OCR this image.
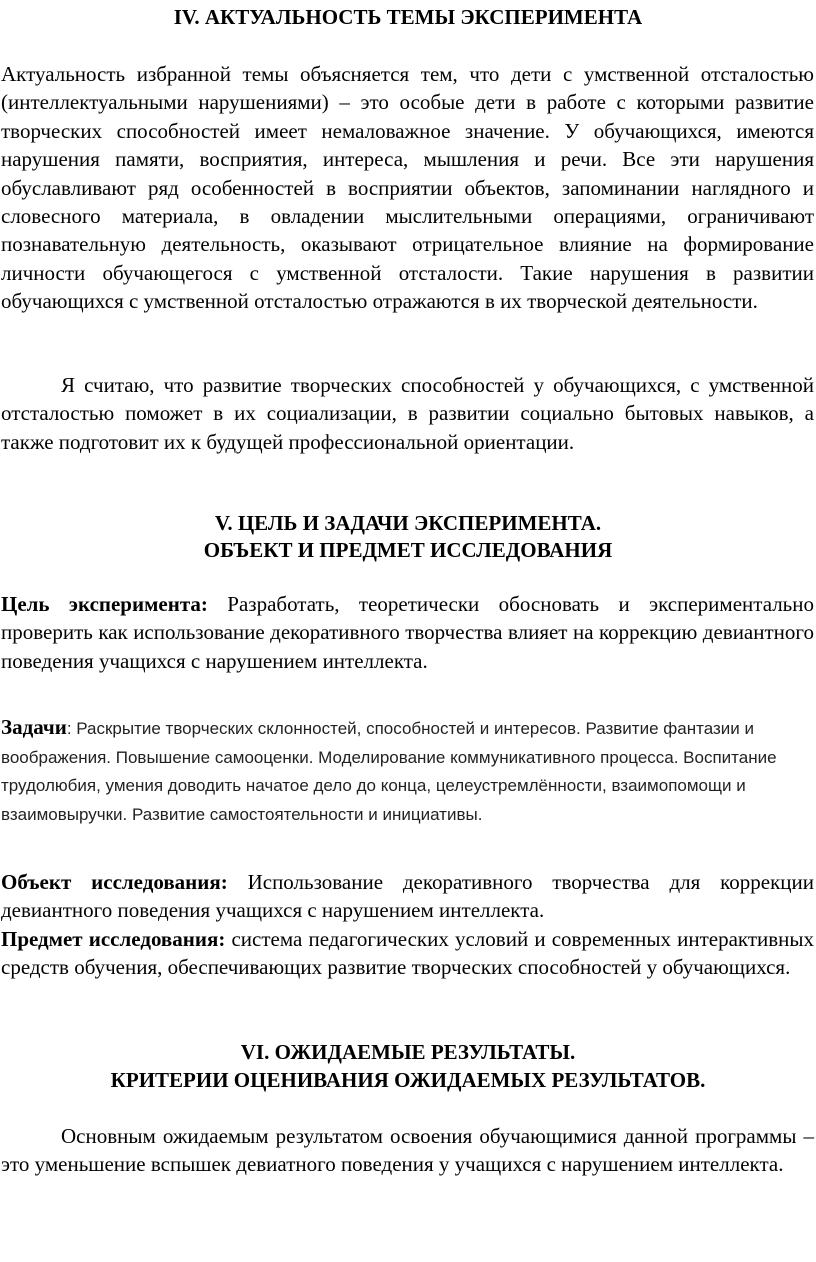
IV. АКТУАЛЬНОСТЬ ТЕМЫ ЭКСПЕРИМЕНТА

Актуальность избранной темы объясняется тем, что дети с умственной отсталостью (интеллектуальными нарушениями) – это особые дети в работе с которыми развитие творческих способностей имеет немаловажное значение. У обучающихся, имеются нарушения памяти, восприятия, интереса, мышления и речи. Все эти нарушения обуславливают ряд особенностей в восприятии объектов, запоминании наглядного и словесного материала, в овладении мыслительными операциями, ограничивают познавательную деятельность, оказывают отрицательное влияние на формирование личности обучающегося с умственной отсталости. Такие нарушения в развитии обучающихся с умственной отсталостью отражаются в их творческой деятельности.

Я считаю, что развитие творческих способностей у обучающихся, с умственной отсталостью поможет в их социализации, в развитии социально бытовых навыков, а также подготовит их к будущей профессиональной ориентации.

V. ЦЕЛЬ И ЗАДАЧИ ЭКСПЕРИМЕНТА.
ОБЪЕКТ И ПРЕДМЕТ ИССЛЕДОВАНИЯ

Цель эксперимента: Разработать, теоретически обосновать и экспериментально проверить как использование декоративного творчества влияет на коррекцию девиантного поведения учащихся с нарушением интеллекта.

Задачи: Раскрытие творческих склонностей, способностей и интересов. Развитие фантазии и воображения. Повышение самооценки. Моделирование коммуникативного процесса. Воспитание трудолюбия, умения доводить начатое дело до конца, целеустремлённости, взаимопомощи и взаимовыручки. Развитие самостоятельности и инициативы.

Объект исследования: Использование декоративного творчества для коррекции девиантного поведения учащихся с нарушением интеллекта.

Предмет исследования: система педагогических условий и современных интерактивных средств обучения, обеспечивающих развитие творческих способностей у обучающихся.

VI. ОЖИДАЕМЫЕ РЕЗУЛЬТАТЫ.
КРИТЕРИИ ОЦЕНИВАНИЯ ОЖИДАЕМЫХ РЕЗУЛЬТАТОВ.

Основным ожидаемым результатом освоения обучающимися данной программы – это уменьшение вспышек девиатного поведения у учащихся с нарушением интеллекта.
